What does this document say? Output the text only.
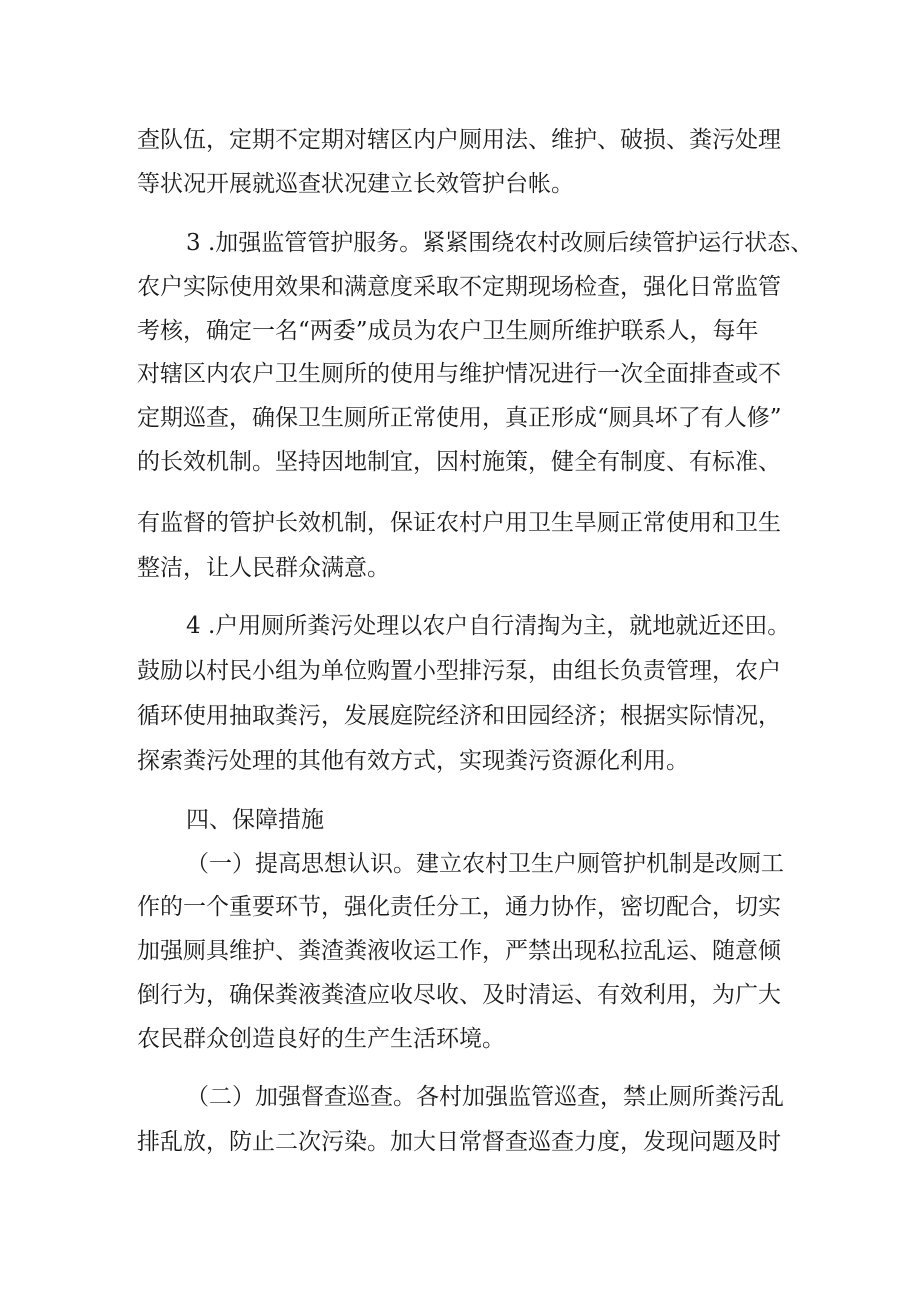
查队伍，定期不定期对辖区内户厕用法、维护、破损、粪污处理

等状况开展就巡查状况建立长效管护台帐。

3 .加强监管管护服务。紧紧围绕农村改厕后续管护运行状态、

农户实际使用效果和满意度采取不定期现场检查，强化日常监管

考核，确定一名“两委”成员为农户卫生厕所维护联系人，每年

对辖区内农户卫生厕所的使用与维护情况进行一次全面排查或不

定期巡查，确保卫生厕所正常使用，真正形成“厕具坏了有人修”

的长效机制。坚持因地制宜，因村施策，健全有制度、有标准、

有监督的管护长效机制，保证农村户用卫生旱厕正常使用和卫生

整洁，让人民群众满意。

4 .户用厕所粪污处理以农户自行清掏为主，就地就近还田。

鼓励以村民小组为单位购置小型排污泵，由组长负责管理，农户

循环使用抽取粪污，发展庭院经济和田园经济；根据实际情况，

探索粪污处理的其他有效方式，实现粪污资源化利用。

四、保障措施

（一）提高思想认识。建立农村卫生户厕管护机制是改厕工

作的一个重要环节，强化责任分工，通力协作，密切配合，切实

加强厕具维护、粪渣粪液收运工作，严禁出现私拉乱运、随意倾

倒行为，确保粪液粪渣应收尽收、及时清运、有效利用，为广大

农民群众创造良好的生产生活环境。

（二）加强督查巡查。各村加强监管巡查，禁止厕所粪污乱

排乱放，防止二次污染。加大日常督查巡查力度，发现问题及时
